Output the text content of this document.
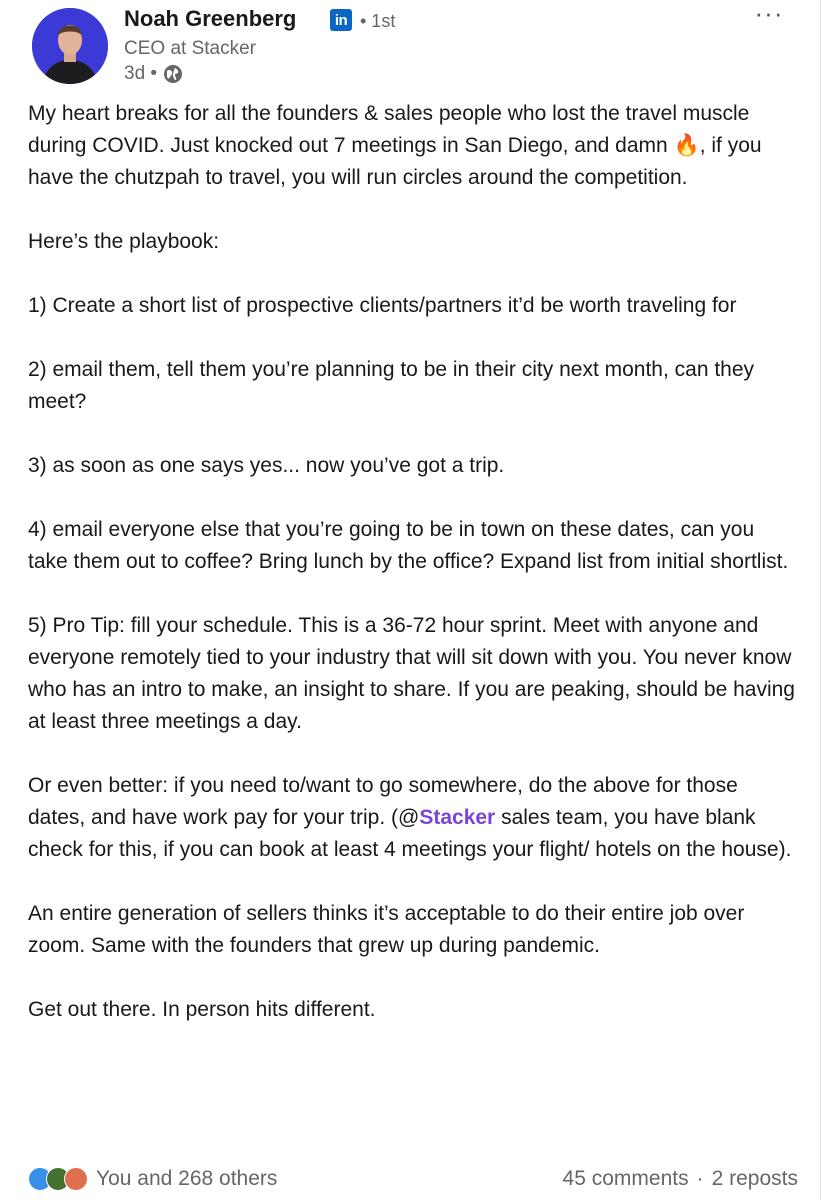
Noah Greenberg	in • 1st
CEO at Stacker
3d •
···

My heart breaks for all the founders & sales people who lost the travel muscle during COVID. Just knocked out 7 meetings in San Diego, and damn 🔥, if you have the chutzpah to travel, you will run circles around the competition.

Here’s the playbook:

1) Create a short list of prospective clients/partners it’d be worth traveling for

2) email them, tell them you’re planning to be in their city next month, can they meet?

3) as soon as one says yes... now you’ve got a trip.

4) email everyone else that you’re going to be in town on these dates, can you take them out to coffee? Bring lunch by the office? Expand list from initial shortlist.

5) Pro Tip: fill your schedule. This is a 36-72 hour sprint. Meet with anyone and everyone remotely tied to your industry that will sit down with you. You never know who has an intro to make, an insight to share. If you are peaking, should be having at least three meetings a day.

Or even better: if you need to/want to go somewhere, do the above for those dates, and have work pay for your trip. (@Stacker sales team, you have blank check for this, if you can book at least 4 meetings your flight/ hotels on the house).

An entire generation of sellers thinks it’s acceptable to do their entire job over zoom. Same with the founders that grew up during pandemic.

Get out there. In person hits different.

You and 268 others	45 comments · 2 reposts
